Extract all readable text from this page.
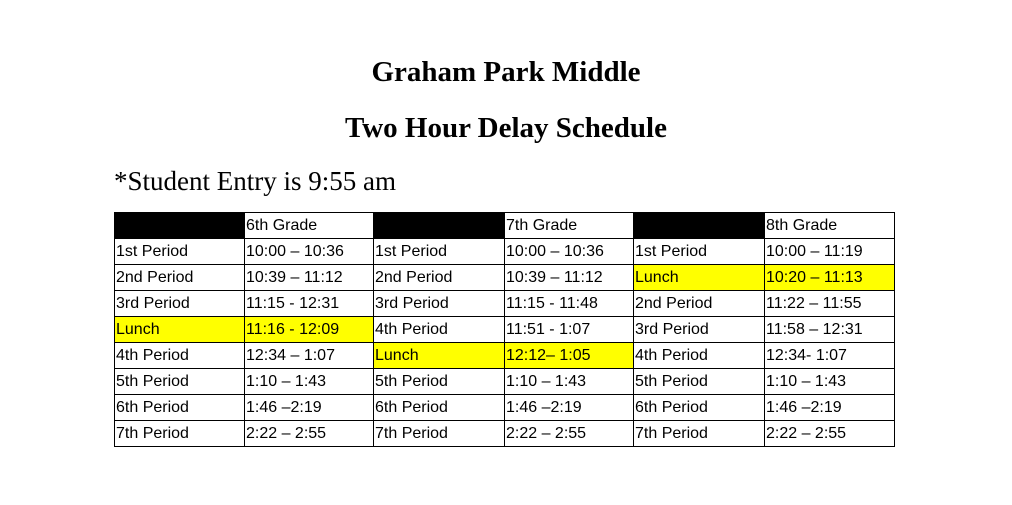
Graham Park Middle
Two Hour Delay Schedule
*Student Entry is 9:55 am
	6th Grade		7th Grade		8th Grade
1st Period	10:00 – 10:36	1st Period	10:00 – 10:36	1st Period	10:00 – 11:19
2nd Period	10:39 – 11:12	2nd Period	10:39 – 11:12	Lunch	10:20 – 11:13
3rd Period	11:15 - 12:31	3rd Period	11:15 - 11:48	2nd Period	11:22 – 11:55
Lunch	11:16 - 12:09	4th Period	11:51 - 1:07	3rd Period	11:58 – 12:31
4th Period	12:34 – 1:07	Lunch	12:12– 1:05	4th Period	12:34- 1:07
5th Period	1:10 – 1:43	5th Period	1:10 – 1:43	5th Period	1:10 – 1:43
6th Period	1:46 –2:19	6th Period	1:46 –2:19	6th Period	1:46 –2:19
7th Period	2:22 – 2:55	7th Period	2:22 – 2:55	7th Period	2:22 – 2:55
